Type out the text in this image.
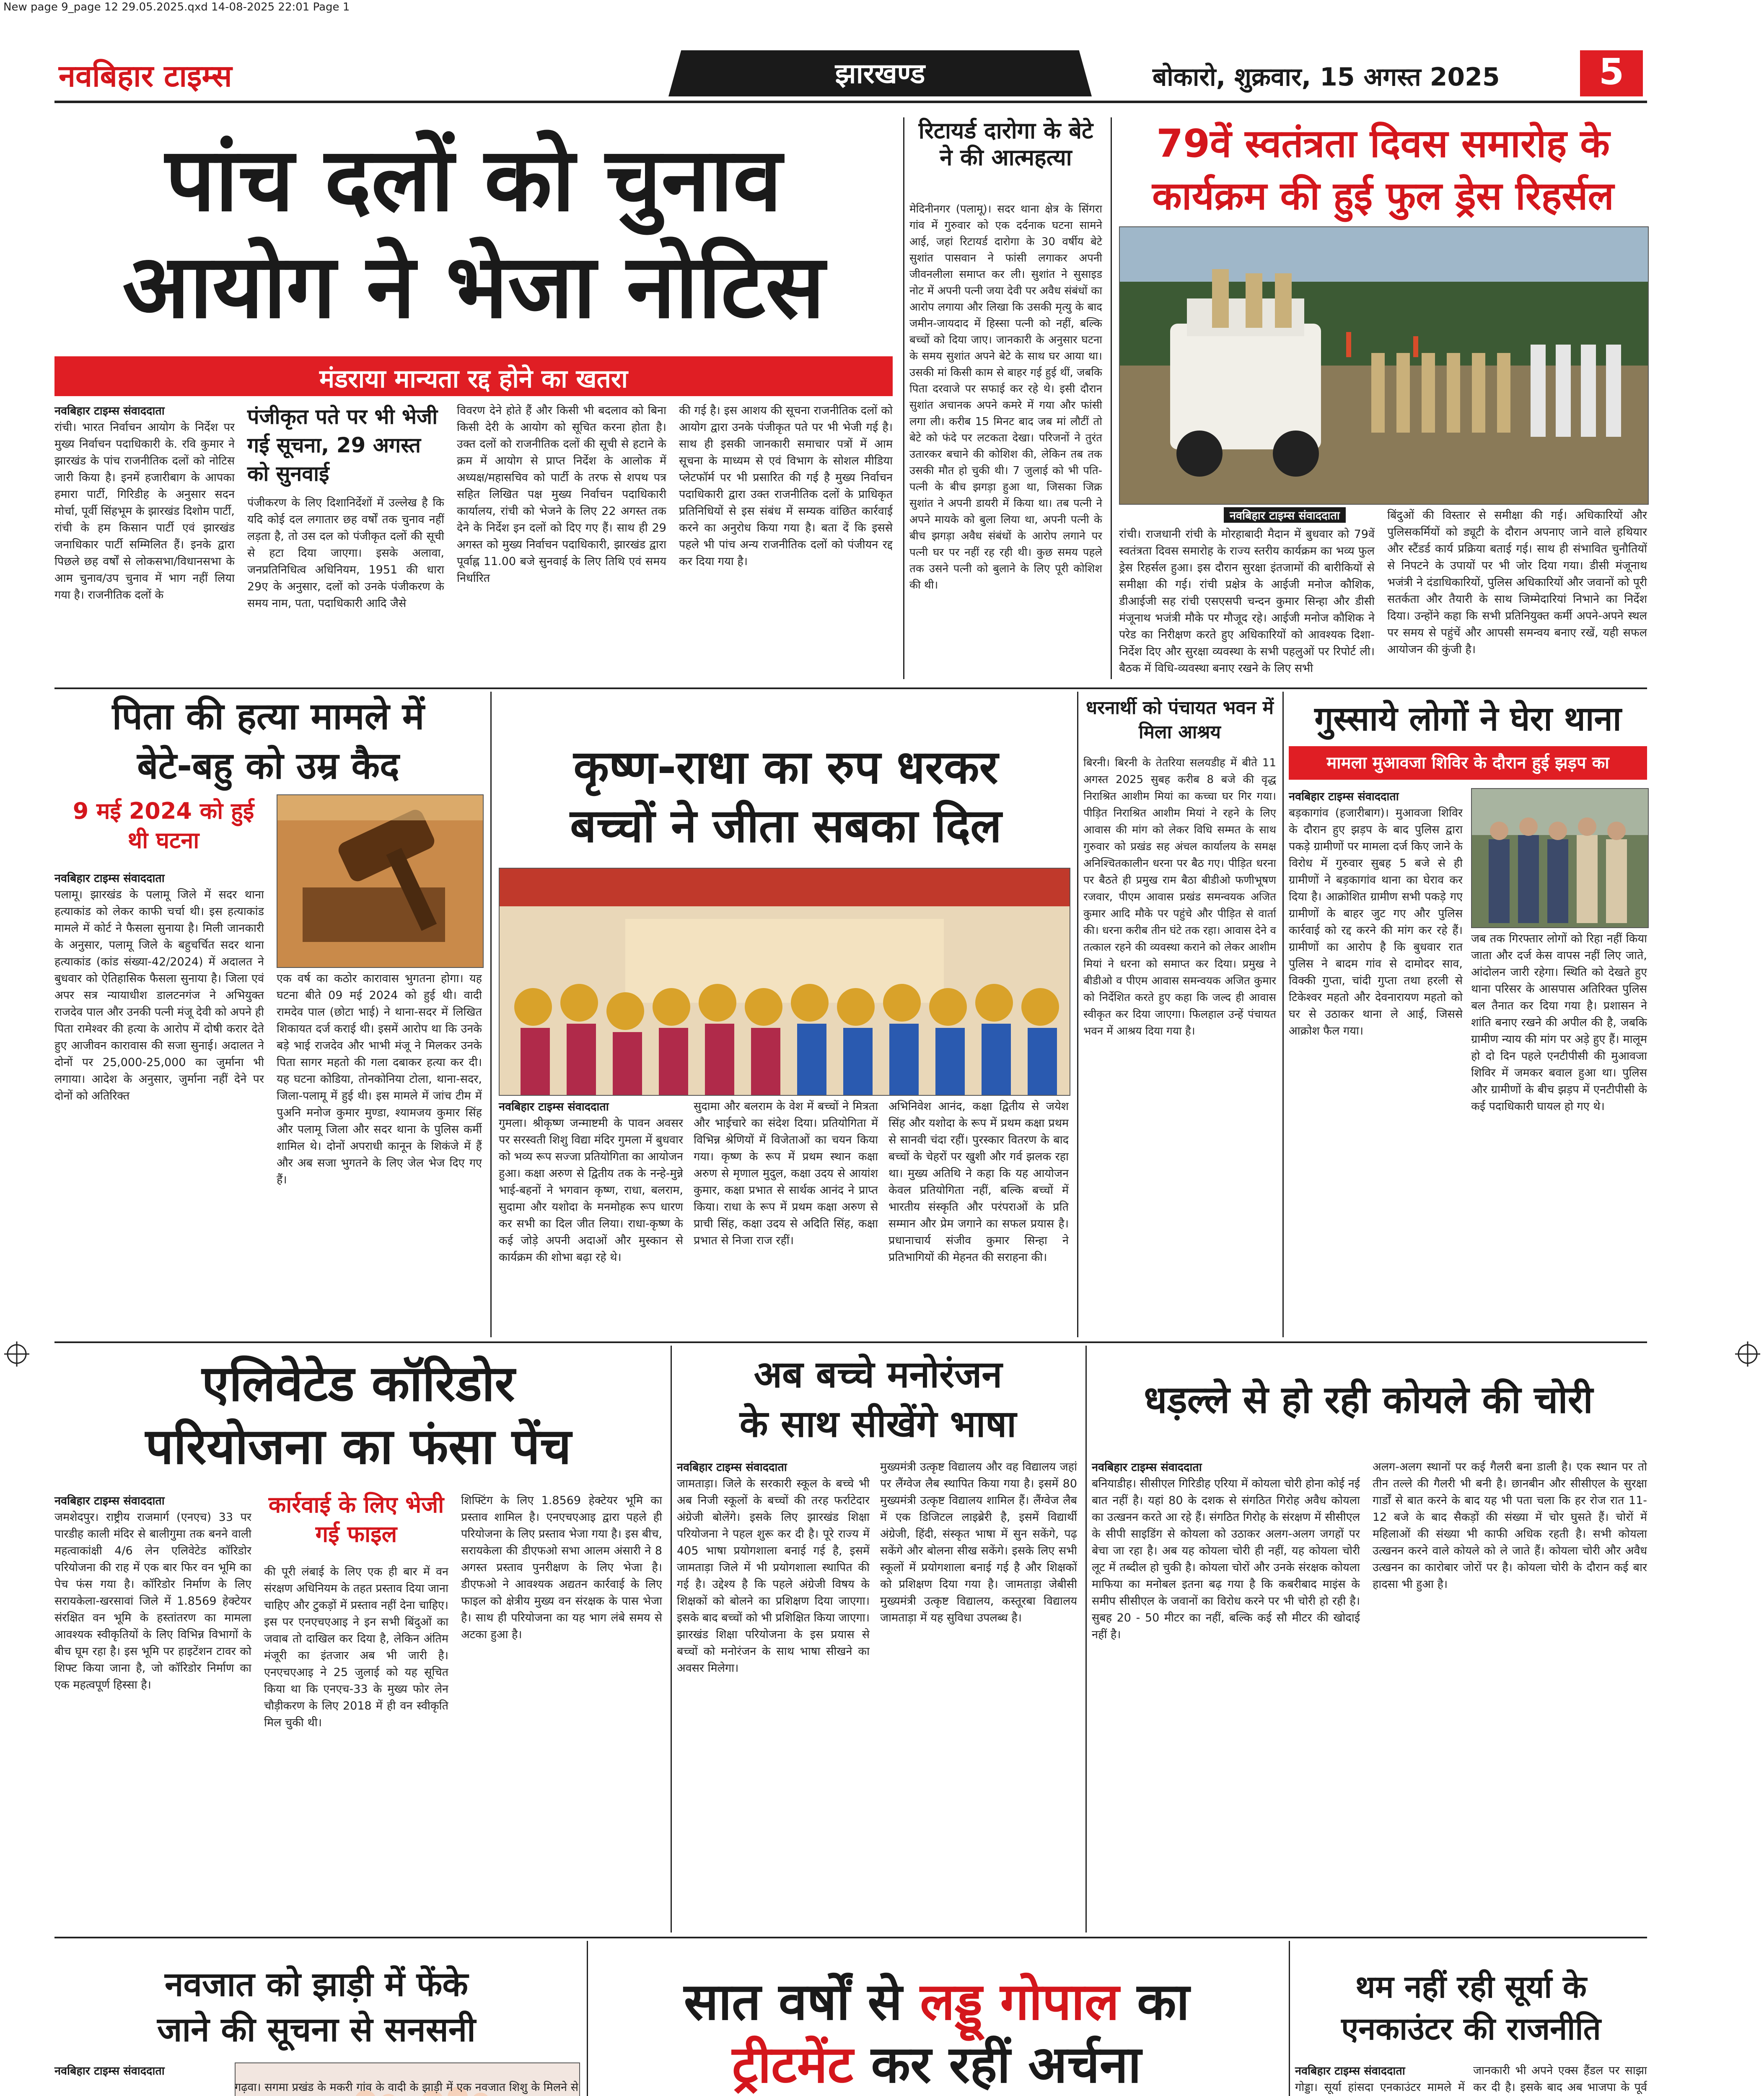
New page 9_page 12 29.05.2025.qxd 14-08-2025 22:01 Page 1
नवबिहार टाइम्स	झारखण्ड	बोकारो, शुक्रवार, 15 अगस्त 2025	5
पांच दलों को चुनाव
आयोग ने भेजा नोटिस
मंडराया मान्यता रद्द होने का खतरा
नवबिहार टाइम्स संवाददाता
रांची। भारत निर्वाचन आयोग के निर्देश पर मुख्य निर्वाचन पदाधिकारी के. रवि कुमार ने झारखंड के पांच राजनीतिक दलों को नोटिस जारी किया है। इनमें हजारीबाग के आपका हमारा पार्टी, गिरिडीह के अनुसार सदन मोर्चा, पूर्वी सिंहभूम के झारखंड दिशोम पार्टी, रांची के हम किसान पार्टी एवं झारखंड जनाधिकार पार्टी सम्मिलित हैं। इनके द्वारा पिछले छह वर्षों से लोकसभा/विधानसभा के आम चुनाव/उप चुनाव में भाग नहीं लिया गया है। राजनीतिक दलों के
पंजीकृत पते पर भी भेजी गई सूचना, 29 अगस्त को सुनवाई
पंजीकरण के लिए दिशानिर्देशों में उल्लेख है कि यदि कोई दल लगातार छह वर्षों तक चुनाव नहीं लड़ता है, तो उस दल को पंजीकृत दलों की सूची से हटा दिया जाएगा। इसके अलावा, जनप्रतिनिधित्व अधिनियम, 1951 की धारा 29ए के अनुसार, दलों को उनके पंजीकरण के समय नाम, पता, पदाधिकारी आदि जैसे
विवरण देने होते हैं और किसी भी बदलाव को बिना किसी देरी के आयोग को सूचित करना होता है। उक्त दलों को राजनीतिक दलों की सूची से हटाने के क्रम में आयोग से प्राप्त निर्देश के आलोक में अध्यक्ष/महासचिव को पार्टी के तरफ से शपथ पत्र सहित लिखित पक्ष मुख्य निर्वाचन पदाधिकारी कार्यालय, रांची को भेजने के लिए 22 अगस्त तक देने के निर्देश इन दलों को दिए गए हैं। साथ ही 29 अगस्त को मुख्य निर्वाचन पदाधिकारी, झारखंड द्वारा पूर्वाह्न 11.00 बजे सुनवाई के लिए तिथि एवं समय निर्धारित
की गई है। इस आशय की सूचना राजनीतिक दलों को आयोग द्वारा उनके पंजीकृत पते पर भी भेजी गई है। साथ ही इसकी जानकारी समाचार पत्रों में आम सूचना के माध्यम से एवं विभाग के सोशल मीडिया प्लेटफॉर्म पर भी प्रसारित की गई है मुख्य निर्वाचन पदाधिकारी द्वारा उक्त राजनीतिक दलों के प्राधिकृत प्रतिनिधियों से इस संबंध में सम्यक वांछित कार्रवाई करने का अनुरोध किया गया है। बता दें कि इससे पहले भी पांच अन्य राजनीतिक दलों को पंजीयन रद्द कर दिया गया है।
रिटायर्ड दारोगा के बेटे ने की आत्महत्या
मेदिनीनगर (पलामू)। सदर थाना क्षेत्र के सिंगरा गांव में गुरुवार को एक दर्दनाक घटना सामने आई, जहां रिटायर्ड दारोगा के 30 वर्षीय बेटे सुशांत पासवान ने फांसी लगाकर अपनी जीवनलीला समाप्त कर ली। सुशांत ने सुसाइड नोट में अपनी पत्नी जया देवी पर अवैध संबंधों का आरोप लगाया और लिखा कि उसकी मृत्यु के बाद जमीन-जायदाद में हिस्सा पत्नी को नहीं, बल्कि बच्चों को दिया जाए। जानकारी के अनुसार घटना के समय सुशांत अपने बेटे के साथ घर आया था। उसकी मां किसी काम से बाहर गई हुई थीं, जबकि पिता दरवाजे पर सफाई कर रहे थे। इसी दौरान सुशांत अचानक अपने कमरे में गया और फांसी लगा ली। करीब 15 मिनट बाद जब मां लौटीं तो बेटे को फंदे पर लटकता देखा। परिजनों ने तुरंत उतारकर बचाने की कोशिश की, लेकिन तब तक उसकी मौत हो चुकी थी। 7 जुलाई को भी पति-पत्नी के बीच झगड़ा हुआ था, जिसका जिक्र सुशांत ने अपनी डायरी में किया था। तब पत्नी ने अपने मायके को बुला लिया था, अपनी पत्नी के बीच झगड़ा अवैध संबंधों के आरोप लगाने पर पत्नी घर पर नहीं रह रही थी। कुछ समय पहले तक उसने पत्नी को बुलाने के लिए पूरी कोशिश की थी।
79वें स्वतंत्रता दिवस समारोह के कार्यक्रम की हुई फुल ड्रेस रिहर्सल
नवबिहार टाइम्स संवाददाता
रांची। राजधानी रांची के मोरहाबादी मैदान में बुधवार को 79वें स्वतंत्रता दिवस समारोह के राज्य स्तरीय कार्यक्रम का भव्य फुल ड्रेस रिहर्सल हुआ। इस दौरान सुरक्षा इंतजामों की बारीकियों से समीक्षा की गई। रांची प्रक्षेत्र के आईजी मनोज कौशिक, डीआईजी सह रांची एसएसपी चन्दन कुमार सिन्हा और डीसी मंजूनाथ भजंत्री मौके पर मौजूद रहे। आईजी मनोज कौशिक ने परेड का निरीक्षण करते हुए अधिकारियों को आवश्यक दिशा-निर्देश दिए और सुरक्षा व्यवस्था के सभी पहलुओं पर रिपोर्ट ली। बैठक में विधि-व्यवस्था बनाए रखने के लिए सभी
बिंदुओं की विस्तार से समीक्षा की गई। अधिकारियों और पुलिसकर्मियों को ड्यूटी के दौरान अपनाए जाने वाले हथियार और स्टैंडर्ड कार्य प्रक्रिया बताई गई। साथ ही संभावित चुनौतियों से निपटने के उपायों पर भी जोर दिया गया। डीसी मंजूनाथ भजंत्री ने दंडाधिकारियों, पुलिस अधिकारियों और जवानों को पूरी सतर्कता और तैयारी के साथ जिम्मेदारियां निभाने का निर्देश दिया। उन्होंने कहा कि सभी प्रतिनियुक्त कर्मी अपने-अपने स्थल पर समय से पहुंचें और आपसी समन्वय बनाए रखें, यही सफल आयोजन की कुंजी है।
पिता की हत्या मामले में
बेटे-बहु को उम्र कैद
9 मई 2024 को हुई थी घटना
नवबिहार टाइम्स संवाददाता
पलामू। झारखंड के पलामू जिले में सदर थाना हत्याकांड को लेकर काफी चर्चा थी। इस हत्याकांड मामले में कोर्ट ने फैसला सुनाया है। मिली जानकारी के अनुसार, पलामू जिले के बहुचर्चित सदर थाना हत्याकांड (कांड संख्या-42/2024) में अदालत ने बुधवार को ऐतिहासिक फैसला सुनाया है। जिला एवं अपर सत्र न्यायाधीश डालटनगंज ने अभियुक्त राजदेव पाल और उनकी पत्नी मंजू देवी को अपने ही पिता रामेश्वर की हत्या के आरोप में दोषी करार देते हुए आजीवन कारावास की सजा सुनाई। अदालत ने दोनों पर 25,000-25,000 का जुर्माना भी लगाया। आदेश के अनुसार, जुर्माना नहीं देने पर दोनों को अतिरिक्त
एक वर्ष का कठोर कारावास भुगतना होगा। यह घटना बीते 09 मई 2024 को हुई थी। वादी रामदेव पाल (छोटा भाई) ने थाना-सदर में लिखित शिकायत दर्ज कराई थी। इसमें आरोप था कि उनके बड़े भाई राजदेव और भाभी मंजू ने मिलकर उनके पिता सागर महतो की गला दबाकर हत्या कर दी। यह घटना कोडिया, तोनकोनिया टोला, थाना-सदर, जिला-पलामू में हुई थी। इस मामले में जांच टीम में पुअनि मनोज कुमार मुण्डा, श्यामजय कुमार सिंह और पलामू जिला और सदर थाना के पुलिस कर्मी शामिल थे। दोनों अपराधी कानून के शिकंजे में हैं और अब सजा भुगतने के लिए जेल भेज दिए गए हैं।
कृष्ण-राधा का रुप धरकर
बच्चों ने जीता सबका दिल
नवबिहार टाइम्स संवाददाता
गुमला। श्रीकृष्ण जन्माष्टमी के पावन अवसर पर सरस्वती शिशु विद्या मंदिर गुमला में बुधवार को भव्य रूप सज्जा प्रतियोगिता का आयोजन हुआ। कक्षा अरुण से द्वितीय तक के नन्हे-मुन्ने भाई-बहनों ने भगवान कृष्ण, राधा, बलराम, सुदामा और यशोदा के मनमोहक रूप धारण कर सभी का दिल जीत लिया। राधा-कृष्ण के कई जोड़े अपनी अदाओं और मुस्कान से कार्यक्रम की शोभा बढ़ा रहे थे।
सुदामा और बलराम के वेश में बच्चों ने मित्रता और भाईचारे का संदेश दिया। प्रतियोगिता में विभिन्न श्रेणियों में विजेताओं का चयन किया गया। कृष्ण के रूप में प्रथम स्थान कक्षा अरुण से मृणाल मुदुल, कक्षा उदय से आयांश कुमार, कक्षा प्रभात से सार्थक आनंद ने प्राप्त किया। राधा के रूप में प्रथम कक्षा अरुण से प्राची सिंह, कक्षा उदय से अदिति सिंह, कक्षा प्रभात से निजा राज रहीं।
अभिनिवेश आनंद, कक्षा द्वितीय से जयेश सिंह और यशोदा के रूप में प्रथम कक्षा प्रथम से सानवी चंदा रहीं। पुरस्कार वितरण के बाद बच्चों के चेहरों पर खुशी और गर्व झलक रहा था। मुख्य अतिथि ने कहा कि यह आयोजन केवल प्रतियोगिता नहीं, बल्कि बच्चों में भारतीय संस्कृति और परंपराओं के प्रति सम्मान और प्रेम जगाने का सफल प्रयास है। प्रधानाचार्य संजीव कुमार सिन्हा ने प्रतिभागियों की मेहनत की सराहना की।
धरनार्थी को पंचायत भवन में मिला आश्रय
बिरनी। बिरनी के तेतरिया सलयडीह में बीते 11 अगस्त 2025 सुबह करीब 8 बजे की वृद्ध निराश्रित आशीम मियां का कच्चा घर गिर गया। पीड़ित निराश्रित आशीम मियां ने रहने के लिए आवास की मांग को लेकर विधि सम्मत के साथ गुरुवार को प्रखंड सह अंचल कार्यालय के समक्ष अनिश्चितकालीन धरना पर बैठ गए। पीड़ित धरना पर बैठते ही प्रमुख राम बैठा बीडीओ फणीभूषण रजवार, पीएम आवास प्रखंड समन्वयक अजित कुमार आदि मौके पर पहुंचे और पीड़ित से वार्ता की। धरना करीब तीन घंटे तक रहा। आवास देने व तत्काल रहने की व्यवस्था कराने को लेकर आशीम मियां ने धरना को समाप्त कर दिया। प्रमुख ने बीडीओ व पीएम आवास समन्वयक अजित कुमार को निर्देशित करते हुए कहा कि जल्द ही आवास स्वीकृत कर दिया जाएगा। फिलहाल उन्हें पंचायत भवन में आश्रय दिया गया है।
गुस्साये लोगों ने घेरा थाना
मामला मुआवजा शिविर के दौरान हुई झड़प का
नवबिहार टाइम्स संवाददाता
बड़कागांव (हजारीबाग)। मुआवजा शिविर के दौरान हुए झड़प के बाद पुलिस द्वारा पकड़े ग्रामीणों पर मामला दर्ज किए जाने के विरोध में गुरुवार सुबह 5 बजे से ही ग्रामीणों ने बड़कागांव थाना का घेराव कर दिया है। आक्रोशित ग्रामीण सभी पकड़े गए ग्रामीणों के बाहर जुट गए और पुलिस कार्रवाई को रद्द करने की मांग कर रहे हैं। ग्रामीणों का आरोप है कि बुधवार रात पुलिस ने बादम गांव से दामोदर साव, विक्की गुप्ता, चांदी गुप्ता तथा हरली से टिकेश्वर महतो और देवनारायण महतो को घर से उठाकर थाना ले आई, जिससे आक्रोश फैल गया।
जब तक गिरफ्तार लोगों को रिहा नहीं किया जाता और दर्ज केस वापस नहीं लिए जाते, आंदोलन जारी रहेगा। स्थिति को देखते हुए थाना परिसर के आसपास अतिरिक्त पुलिस बल तैनात कर दिया गया है। प्रशासन ने शांति बनाए रखने की अपील की है, जबकि ग्रामीण न्याय की मांग पर अड़े हुए हैं। मालूम हो दो दिन पहले एनटीपीसी की मुआवजा शिविर में जमकर बवाल हुआ था। पुलिस और ग्रामीणों के बीच झड़प में एनटीपीसी के कई पदाधिकारी घायल हो गए थे।
एलिवेटेड कॉरिडोर
परियोजना का फंसा पेंच
नवबिहार टाइम्स संवाददाता
जमशेदपुर। राष्ट्रीय राजमार्ग (एनएच) 33 पर पारडीह काली मंदिर से बालीगुमा तक बनने वाली महत्वाकांक्षी 4/6 लेन एलिवेटेड कॉरिडोर परियोजना की राह में एक बार फिर वन भूमि का पेच फंस गया है। कॉरिडोर निर्माण के लिए सरायकेला-खरसावां जिले में 1.8569 हेक्टेयर संरक्षित वन भूमि के हस्तांतरण का मामला आवश्यक स्वीकृतियों के लिए विभिन्न विभागों के बीच घूम रहा है। इस भूमि पर हाइटेंशन टावर को शिफ्ट किया जाना है, जो कॉरिडोर निर्माण का एक महत्वपूर्ण हिस्सा है।
कार्रवाई के लिए भेजी गई फाइल
की पूरी लंबाई के लिए एक ही बार में वन संरक्षण अधिनियम के तहत प्रस्ताव दिया जाना चाहिए और टुकड़ों में प्रस्ताव नहीं देना चाहिए। इस पर एनएचएआइ ने इन सभी बिंदुओं का जवाब तो दाखिल कर दिया है, लेकिन अंतिम मंजूरी का इंतजार अब भी जारी है। एनएचएआइ ने 25 जुलाई को यह सूचित किया था कि एनएच-33 के मुख्य फोर लेन चौड़ीकरण के लिए 2018 में ही वन स्वीकृति मिल चुकी थी।
शिफ्टिंग के लिए 1.8569 हेक्टेयर भूमि का प्रस्ताव शामिल है। एनएचएआइ द्वारा पहले ही परियोजना के लिए प्रस्ताव भेजा गया है। इस बीच, सरायकेला की डीएफओ सभा आलम अंसारी ने 8 अगस्त प्रस्ताव पुनरीक्षण के लिए भेजा है। डीएफओ ने आवश्यक अद्यतन कार्रवाई के लिए फाइल को क्षेत्रीय मुख्य वन संरक्षक के पास भेजा है। साथ ही परियोजना का यह भाग लंबे समय से अटका हुआ है।
अब बच्चे मनोरंजन
के साथ सीखेंगे भाषा
नवबिहार टाइम्स संवाददाता
जामताड़ा। जिले के सरकारी स्कूल के बच्चे भी अब निजी स्कूलों के बच्चों की तरह फर्राटेदार अंग्रेजी बोलेंगे। इसके लिए झारखंड शिक्षा परियोजना ने पहल शुरू कर दी है। पूरे राज्य में 405 भाषा प्रयोगशाला बनाई गई है, इसमें जामताड़ा जिले में भी प्रयोगशाला स्थापित की गई है। उद्देश्य है कि पहले अंग्रेजी विषय के शिक्षकों को बोलने का प्रशिक्षण दिया जाएगा। इसके बाद बच्चों को भी प्रशिक्षित किया जाएगा। झारखंड शिक्षा परियोजना के इस प्रयास से बच्चों को मनोरंजन के साथ भाषा सीखने का अवसर मिलेगा।
मुख्यमंत्री उत्कृष्ट विद्यालय और वह विद्यालय जहां पर लैंग्वेज लैब स्थापित किया गया है। इसमें 80 मुख्यमंत्री उत्कृष्ट विद्यालय शामिल हैं। लैंग्वेज लैब में एक डिजिटल लाइब्रेरी है, इसमें विद्यार्थी अंग्रेजी, हिंदी, संस्कृत भाषा में सुन सकेंगे, पढ़ सकेंगे और बोलना सीख सकेंगे। इसके लिए सभी स्कूलों में प्रयोगशाला बनाई गई है और शिक्षकों को प्रशिक्षण दिया गया है। जामताड़ा जेबीसी मुख्यमंत्री उत्कृष्ट विद्यालय, कस्तूरबा विद्यालय जामताड़ा में यह सुविधा उपलब्ध है।
धड़ल्ले से हो रही कोयले की चोरी
नवबिहार टाइम्स संवाददाता
बनियाडीह। सीसीएल गिरिडीह एरिया में कोयला चोरी होना कोई नई बात नहीं है। यहां 80 के दशक से संगठित गिरोह अवैध कोयला का उत्खनन करते आ रहे हैं। संगठित गिरोह के संरक्षण में सीसीएल के सीपी साइडिंग से कोयला को उठाकर अलग-अलग जगहों पर बेचा जा रहा है। अब यह कोयला चोरी ही नहीं, यह कोयला चोरी लूट में तब्दील हो चुकी है। कोयला चोरों और उनके संरक्षक कोयला माफिया का मनोबल इतना बढ़ गया है कि कबरीबाद माइंस के समीप सीसीएल के जवानों का विरोध करने पर भी चोरी हो रही है। सुबह 20 - 50 मीटर का नहीं, बल्कि कई सौ मीटर की खोदाई नहीं है।
अलग-अलग स्थानों पर कई गैलरी बना डाली है। एक स्थान पर तो तीन तल्ले की गैलरी भी बनी है। छानबीन और सीसीएल के सुरक्षा गार्डों से बात करने के बाद यह भी पता चला कि हर रोज रात 11-12 बजे के बाद सैकड़ों की संख्या में चोर घुसते हैं। चोरों में महिलाओं की संख्या भी काफी अधिक रहती है। सभी कोयला उत्खनन करने वाले कोयले को ले जाते हैं। कोयला चोरी और अवैध उत्खनन का कारोबार जोरों पर है। कोयला चोरी के दौरान कई बार हादसा भी हुआ है।
नवजात को झाड़ी में फेंके
जाने की सूचना से सनसनी
नवबिहार टाइम्स संवाददाता
गढ़वा। सगमा प्रखंड के मकरी गांव के वादी के झाड़ी में एक नवजात शिशु के मिलने से
सात वर्षों से लड्डू गोपाल का
ट्रीटमेंट कर रहीं अर्चना
थम नहीं रही सूर्या के
एनकाउंटर की राजनीति
नवबिहार टाइम्स संवाददाता
गोड्डा। सूर्या हांसदा एनकाउंटर मामले में
जानकारी भी अपने एक्स हैंडल पर साझा कर दी है। इसके बाद अब भाजपा के पूर्व
